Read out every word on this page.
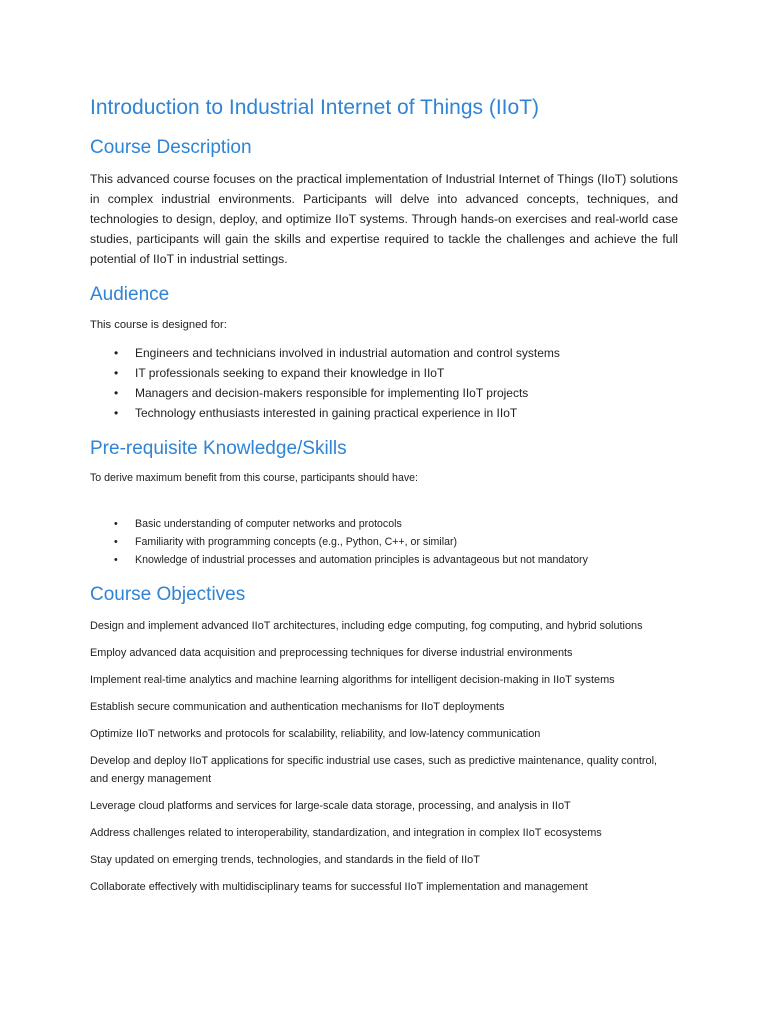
Introduction to Industrial Internet of Things (IIoT)
Course Description

This advanced course focuses on the practical implementation of Industrial Internet of Things (IIoT) solutions in complex industrial environments. Participants will delve into advanced concepts, techniques, and technologies to design, deploy, and optimize IIoT systems. Through hands-on exercises and real-world case studies, participants will gain the skills and expertise required to tackle the challenges and achieve the full potential of IIoT in industrial settings.

Audience

This course is designed for:

• Engineers and technicians involved in industrial automation and control systems
• IT professionals seeking to expand their knowledge in IIoT
• Managers and decision-makers responsible for implementing IIoT projects
• Technology enthusiasts interested in gaining practical experience in IIoT
Pre-requisite Knowledge/Skills

To derive maximum benefit from this course, participants should have:

• Basic understanding of computer networks and protocols
• Familiarity with programming concepts (e.g., Python, C++, or similar)
• Knowledge of industrial processes and automation principles is advantageous but not mandatory
Course Objectives

Design and implement advanced IIoT architectures, including edge computing, fog computing, and hybrid solutions

Employ advanced data acquisition and preprocessing techniques for diverse industrial environments

Implement real-time analytics and machine learning algorithms for intelligent decision-making in IIoT systems

Establish secure communication and authentication mechanisms for IIoT deployments

Optimize IIoT networks and protocols for scalability, reliability, and low-latency communication

Develop and deploy IIoT applications for specific industrial use cases, such as predictive maintenance, quality control, and energy management

Leverage cloud platforms and services for large-scale data storage, processing, and analysis in IIoT

Address challenges related to interoperability, standardization, and integration in complex IIoT ecosystems

Stay updated on emerging trends, technologies, and standards in the field of IIoT

Collaborate effectively with multidisciplinary teams for successful IIoT implementation and management
